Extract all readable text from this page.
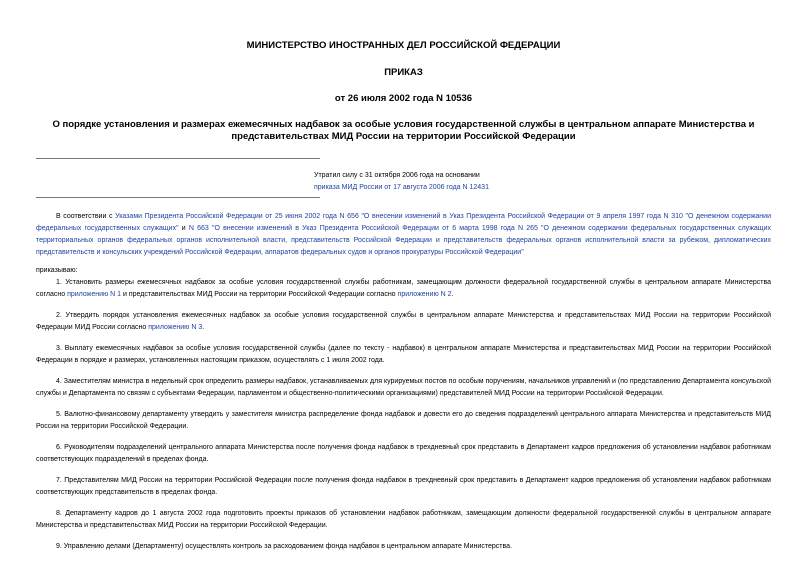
МИНИСТЕРСТВО ИНОСТРАННЫХ ДЕЛ РОССИЙСКОЙ ФЕДЕРАЦИИ
ПРИКАЗ
от 26 июля 2002 года N 10536
О порядке установления и размерах ежемесячных надбавок за особые условия государственной службы в центральном аппарате Министерства и представительствах МИД России на территории Российской Федерации
Утратил силу с 31 октября 2006 года на основании
приказа МИД России от 17 августа 2006 года N 12431
В соответствии с Указами Президента Российской Федерации от 25 июня 2002 года N 656 "О внесении изменений в Указ Президента Российской Федерации от 9 апреля 1997 года N 310 "О денежном содержании федеральных государственных служащих" и N 663 "О внесении изменений в Указ Президента Российской Федерации от 6 марта 1998 года N 265 "О денежном содержании федеральных государственных служащих территориальных органов федеральных органов исполнительной власти, представительств Российской Федерации и представительств федеральных органов исполнительной власти за рубежом, дипломатических представительств и консульских учреждений Российской Федерации, аппаратов федеральных судов и органов прокуратуры Российской Федерации"
приказываю:
1. Установить размеры ежемесячных надбавок за особые условия государственной службы работникам, замещающим должности федеральной государственной службы в центральном аппарате Министерства согласно приложению N 1 и представительствах МИД России на территории Российской Федерации согласно приложению N 2.
2. Утвердить порядок установления ежемесячных надбавок за особые условия государственной службы в центральном аппарате Министерства и представительствах МИД России на территории Российской Федерации МИД России согласно приложению N 3.
3. Выплату ежемесячных надбавок за особые условия государственной службы (далее по тексту - надбавок) в центральном аппарате Министерства и представительствах МИД России на территории Российской Федерации в порядке и размерах, установленных настоящим приказом, осуществлять с 1 июля 2002 года.
4. Заместителям министра в недельный срок определить размеры надбавок, устанавливаемых для курируемых постов по особым поручениям, начальников управлений и (по представлению Департамента консульской службы и Департамента по связям с субъектами Федерации, парламентом и общественно-политическими организациями) представителей МИД России на территории Российской Федерации.
5. Валютно-финансовому департаменту утвердить у заместителя министра распределение фонда надбавок и довести его до сведения подразделений центрального аппарата Министерства и представительств МИД России на территории Российской Федерации.
6. Руководителям подразделений центрального аппарата Министерства после получения фонда надбавок в трехдневный срок представить в Департамент кадров предложения об установлении надбавок работникам соответствующих подразделений в пределах фонда.
7. Представителям МИД России на территории Российской Федерации после получения фонда надбавок в трехдневный срок представить в Департамент кадров предложения об установлении надбавок работникам соответствующих представительств в пределах фонда.
8. Департаменту кадров до 1 августа 2002 года подготовить проекты приказов об установлении надбавок работникам, замещающим должности федеральной государственной службы в центральном аппарате Министерства и представительствах МИД России на территории Российской Федерации.
9. Управлению делами (Департаменту) осуществлять контроль за расходованием фонда надбавок в центральном аппарате Министерства.
